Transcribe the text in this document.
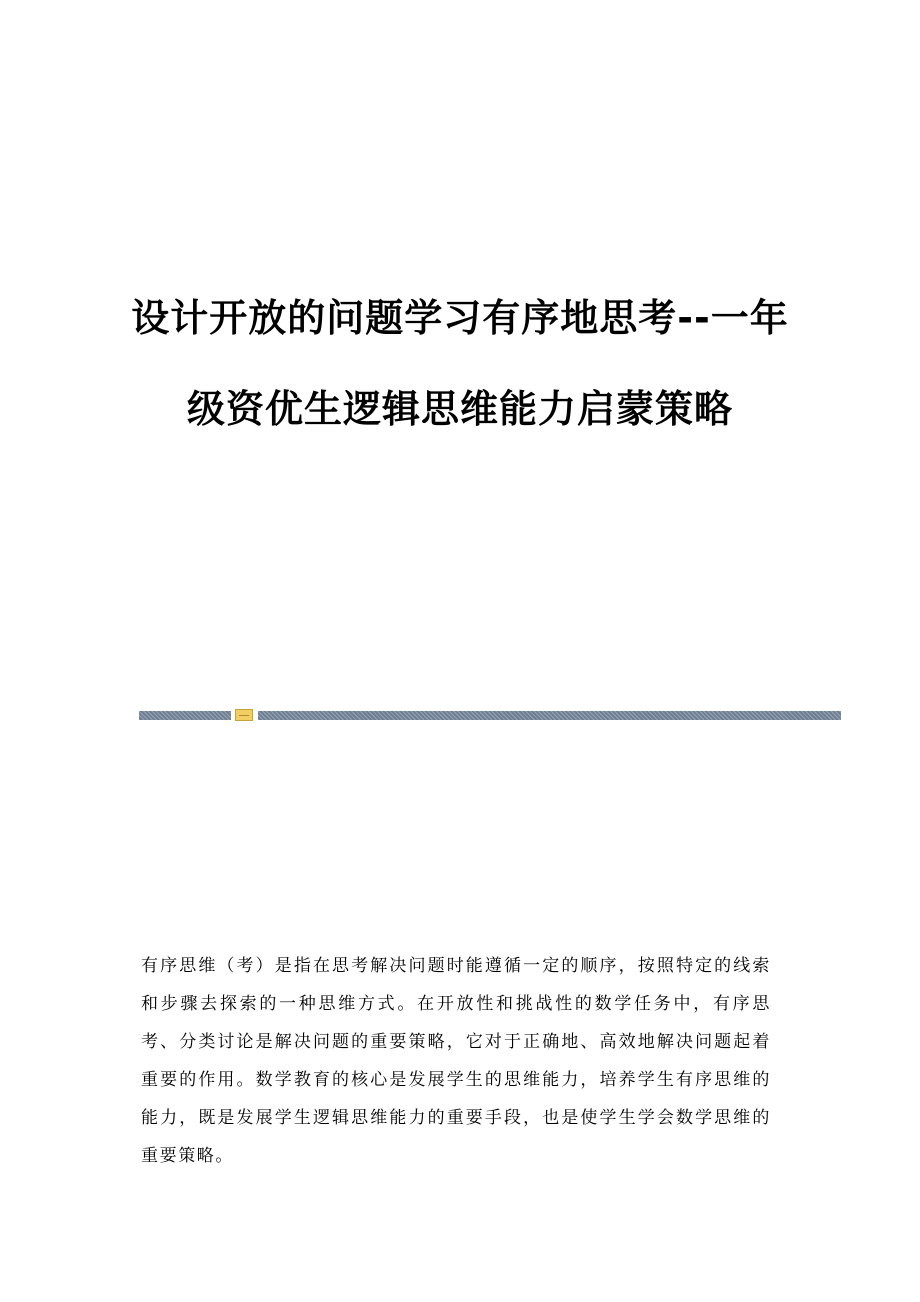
设计开放的问题学习有序地思考--一年
级资优生逻辑思维能力启蒙策略

有序思维（考）是指在思考解决问题时能遵循一定的顺序，按照特定的线索和步骤去探索的一种思维方式。在开放性和挑战性的数学任务中，有序思考、分类讨论是解决问题的重要策略，它对于正确地、高效地解决问题起着重要的作用。数学教育的核心是发展学生的思维能力，培养学生有序思维的能力，既是发展学生逻辑思维能力的重要手段，也是使学生学会数学思维的重要策略。
